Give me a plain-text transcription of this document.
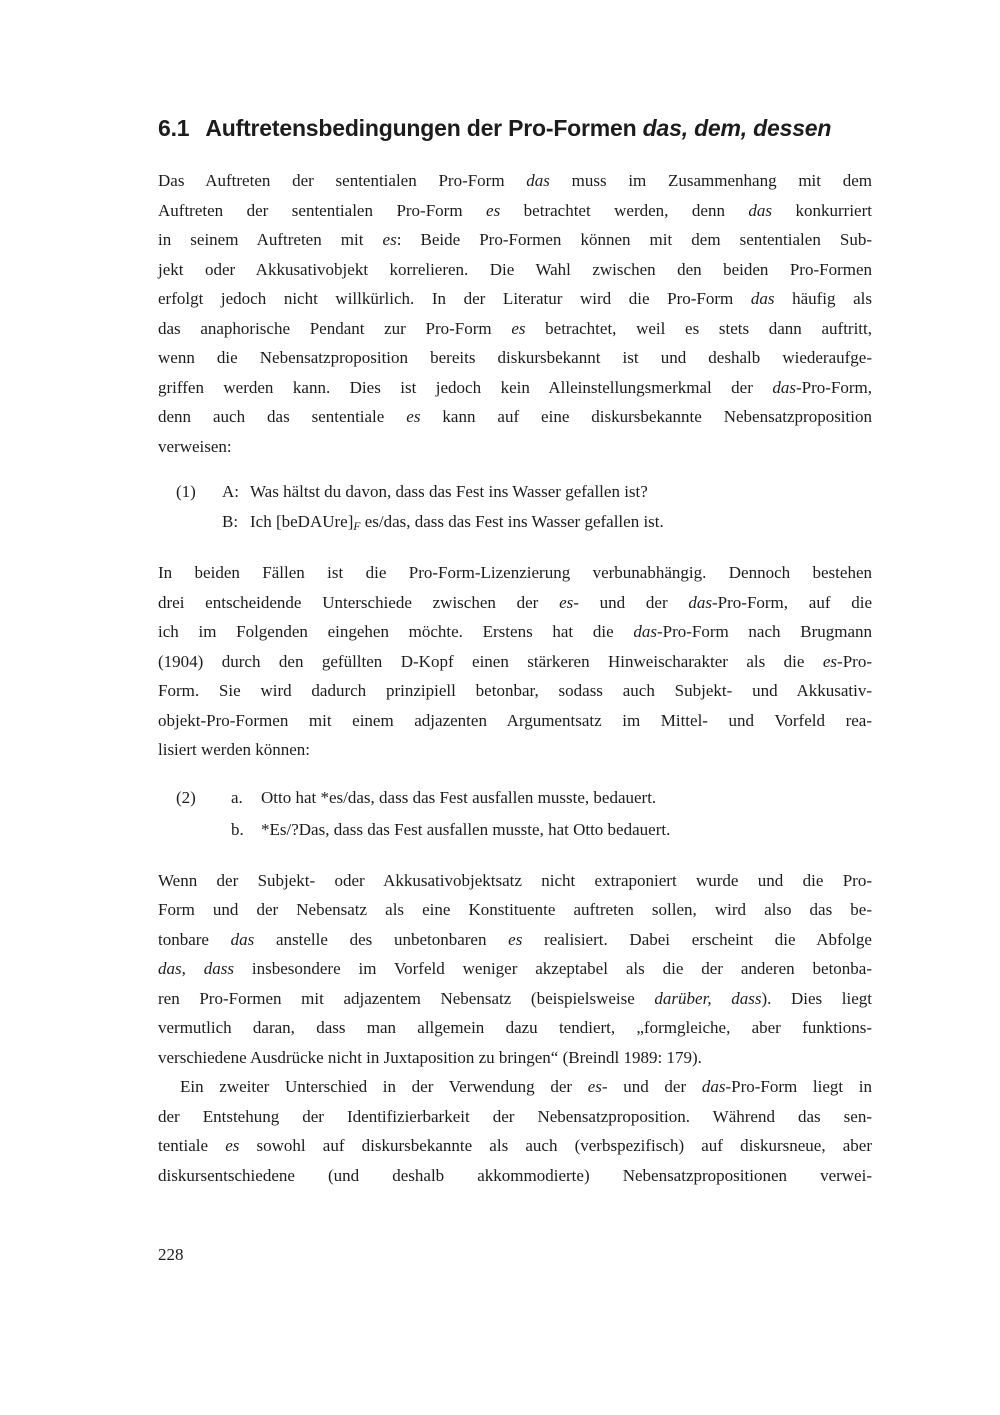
6.1 Auftretensbedingungen der Pro-Formen das, dem, dessen
Das Auftreten der sententialen Pro-Form das muss im Zusammenhang mit dem
Auftreten der sententialen Pro-Form es betrachtet werden, denn das konkurriert
in seinem Auftreten mit es: Beide Pro-Formen können mit dem sententialen Sub-
jekt oder Akkusativobjekt korrelieren. Die Wahl zwischen den beiden Pro-Formen
erfolgt jedoch nicht willkürlich. In der Literatur wird die Pro-Form das häufig als
das anaphorische Pendant zur Pro-Form es betrachtet, weil es stets dann auftritt,
wenn die Nebensatzproposition bereits diskursbekannt ist und deshalb wiederaufge-
griffen werden kann. Dies ist jedoch kein Alleinstellungsmerkmal der das-Pro-Form,
denn auch das sententiale es kann auf eine diskursbekannte Nebensatzproposition
verweisen:
(1)	A: Was hältst du davon, dass das Fest ins Wasser gefallen ist?
B: Ich [beDAUre]F es/das, dass das Fest ins Wasser gefallen ist.
In beiden Fällen ist die Pro-Form-Lizenzierung verbunabhängig. Dennoch bestehen
drei entscheidende Unterschiede zwischen der es- und der das-Pro-Form, auf die
ich im Folgenden eingehen möchte. Erstens hat die das-Pro-Form nach Brugmann
(1904) durch den gefüllten D-Kopf einen stärkeren Hinweischarakter als die es-Pro-
Form. Sie wird dadurch prinzipiell betonbar, sodass auch Subjekt- und Akkusativ-
objekt-Pro-Formen mit einem adjazenten Argumentsatz im Mittel- und Vorfeld rea-
lisiert werden können:
(2)	a.	Otto hat *es/das, dass das Fest ausfallen musste, bedauert.
b.	*Es/?Das, dass das Fest ausfallen musste, hat Otto bedauert.
Wenn der Subjekt- oder Akkusativobjektsatz nicht extraponiert wurde und die Pro-
Form und der Nebensatz als eine Konstituente auftreten sollen, wird also das be-
tonbare das anstelle des unbetonbaren es realisiert. Dabei erscheint die Abfolge
das, dass insbesondere im Vorfeld weniger akzeptabel als die der anderen betonba-
ren Pro-Formen mit adjazentem Nebensatz (beispielsweise darüber, dass). Dies liegt
vermutlich daran, dass man allgemein dazu tendiert, „formgleiche, aber funktions-
verschiedene Ausdrücke nicht in Juxtaposition zu bringen“ (Breindl 1989: 179).
Ein zweiter Unterschied in der Verwendung der es- und der das-Pro-Form liegt in
der Entstehung der Identifizierbarkeit der Nebensatzproposition. Während das sen-
tentiale es sowohl auf diskursbekannte als auch (verbspezifisch) auf diskursneue, aber
diskursentschiedene (und deshalb akkommodierte) Nebensatzpropositionen verwei-
228
